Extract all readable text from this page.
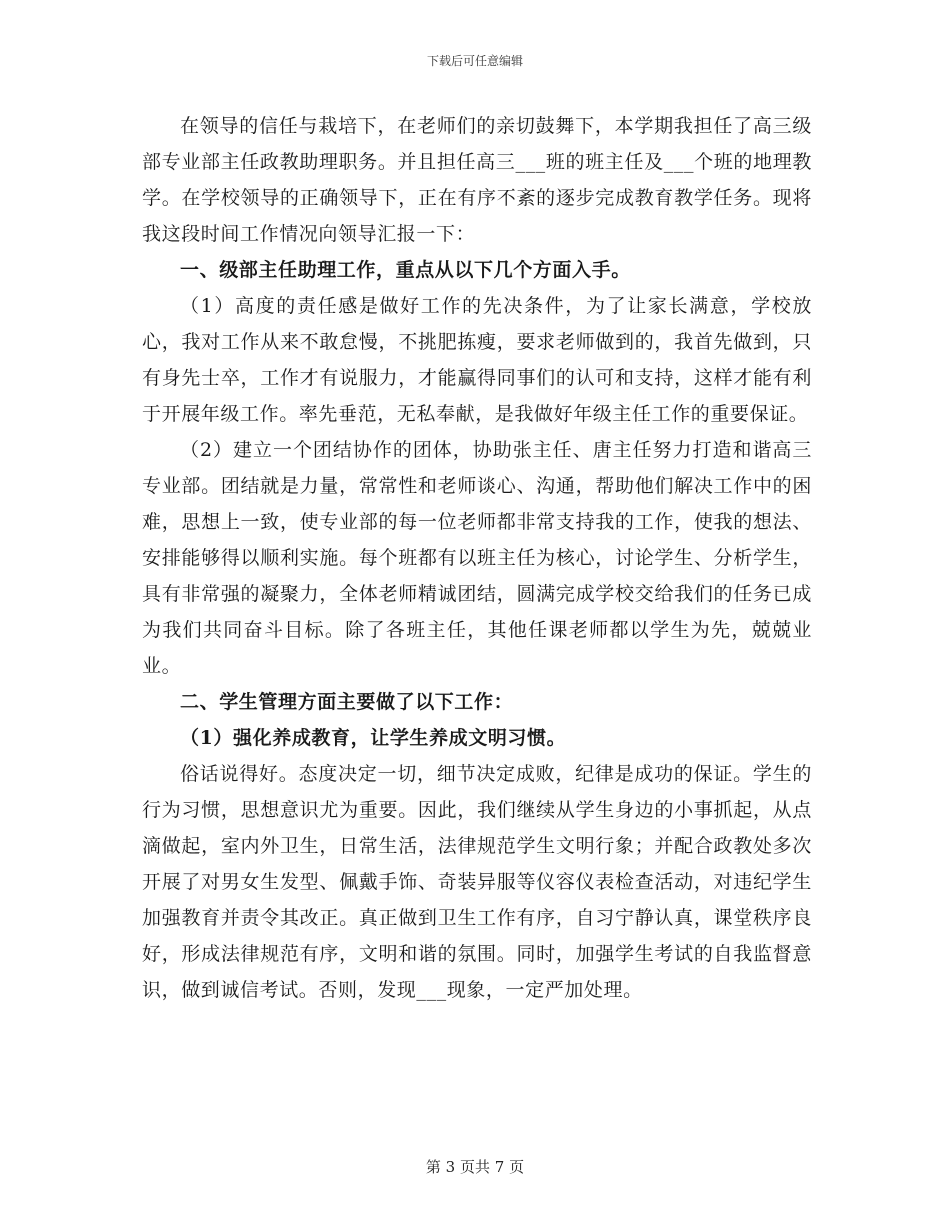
下载后可任意编辑

在领导的信任与栽培下，在老师们的亲切鼓舞下，本学期我担任了高三级部专业部主任政教助理职务。并且担任高三___班的班主任及___个班的地理教学。在学校领导的正确领导下，正在有序不紊的逐步完成教育教学任务。现将我这段时间工作情况向领导汇报一下：

一、级部主任助理工作，重点从以下几个方面入手。

（1）高度的责任感是做好工作的先决条件，为了让家长满意，学校放心，我对工作从来不敢怠慢，不挑肥拣瘦，要求老师做到的，我首先做到，只有身先士卒，工作才有说服力，才能赢得同事们的认可和支持，这样才能有利于开展年级工作。率先垂范，无私奉献，是我做好年级主任工作的重要保证。

（2）建立一个团结协作的团体，协助张主任、唐主任努力打造和谐高三专业部。团结就是力量，常常性和老师谈心、沟通，帮助他们解决工作中的困难，思想上一致，使专业部的每一位老师都非常支持我的工作，使我的想法、安排能够得以顺利实施。每个班都有以班主任为核心，讨论学生、分析学生，具有非常强的凝聚力，全体老师精诚团结，圆满完成学校交给我们的任务已成为我们共同奋斗目标。除了各班主任，其他任课老师都以学生为先，兢兢业业。

二、学生管理方面主要做了以下工作：

（1）强化养成教育，让学生养成文明习惯。

俗话说得好。态度决定一切，细节决定成败，纪律是成功的保证。学生的行为习惯，思想意识尤为重要。因此，我们继续从学生身边的小事抓起，从点滴做起，室内外卫生，日常生活，法律规范学生文明行象；并配合政教处多次开展了对男女生发型、佩戴手饰、奇装异服等仪容仪表检查活动，对违纪学生加强教育并责令其改正。真正做到卫生工作有序，自习宁静认真，课堂秩序良好，形成法律规范有序，文明和谐的氛围。同时，加强学生考试的自我监督意识，做到诚信考试。否则，发现___现象，一定严加处理。

第 3 页共 7 页
